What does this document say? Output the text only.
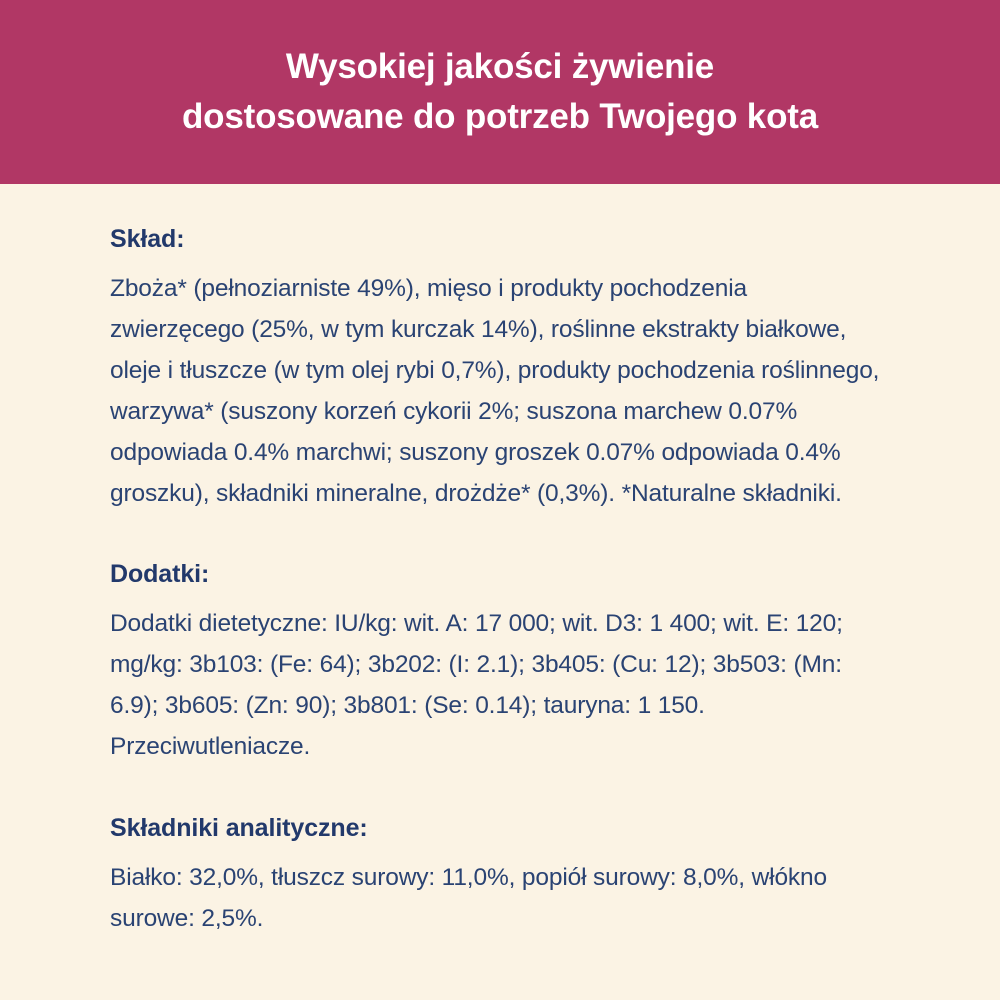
Wysokiej jakości żywienie
dostosowane do potrzeb Twojego kota
Skład:

Zboża* (pełnoziarniste 49%), mięso i produkty pochodzenia zwierzęcego (25%, w tym kurczak 14%), roślinne ekstrakty białkowe, oleje i tłuszcze (w tym olej rybi 0,7%), produkty pochodzenia roślinnego, warzywa* (suszony korzeń cykorii 2%; suszona marchew 0.07% odpowiada 0.4% marchwi; suszony groszek 0.07% odpowiada 0.4% groszku), składniki mineralne, drożdże* (0,3%). *Naturalne składniki.

Dodatki:

Dodatki dietetyczne: IU/kg: wit. A: 17 000; wit. D3: 1 400; wit. E: 120; mg/kg: 3b103: (Fe: 64); 3b202: (I: 2.1); 3b405: (Cu: 12); 3b503: (Mn: 6.9); 3b605: (Zn: 90); 3b801: (Se: 0.14); tauryna: 1 150. Przeciwutleniacze.

Składniki analityczne:

Białko: 32,0%, tłuszcz surowy: 11,0%, popiół surowy: 8,0%, włókno surowe: 2,5%.
